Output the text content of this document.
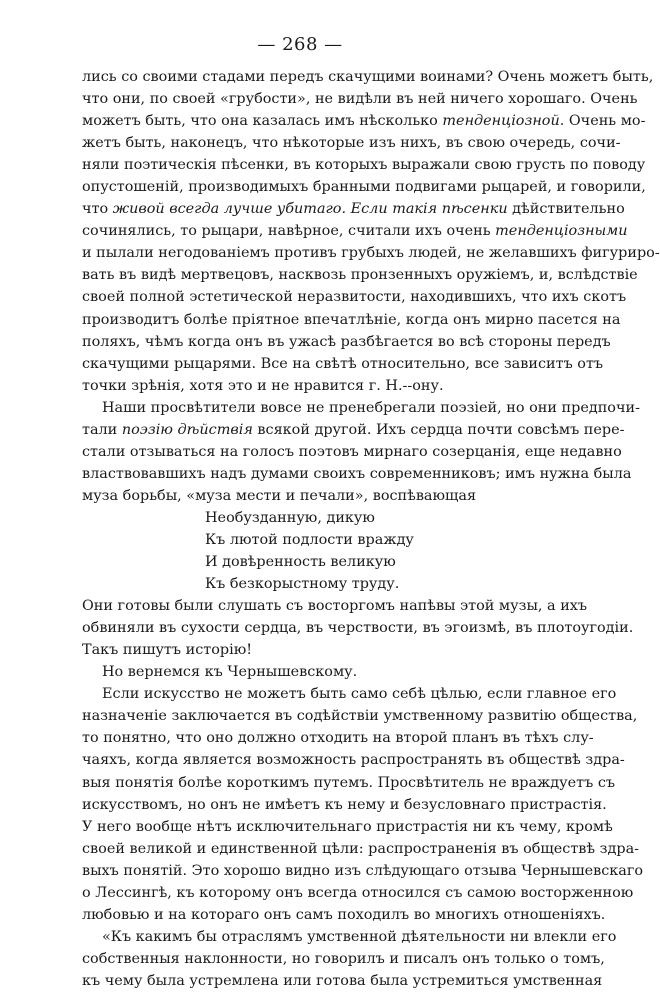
— 268 —
лись со своими стадами передъ скачущими воинами? Очень можетъ быть,
что они, по своей «грубости», не видѣли въ ней ничего хорошаго. Очень
можетъ быть, что она казалась имъ нѣсколько тенденціозной. Очень мо-
жетъ быть, наконецъ, что нѣкоторые изъ нихъ, въ свою очередь, сочи-
няли поэтическія пѣсенки, въ которыхъ выражали свою грусть по поводу
опустошеній, производимыхъ бранными подвигами рыцарей, и говорили,
что живой всегда лучше убитаго. Если такія пѣсенки дѣйствительно
сочинялись, то рыцари, навѣрное, считали ихъ очень тенденціозными
и пылали негодованіемъ противъ грубыхъ людей, не желавшихъ фигуриро-
вать въ видѣ мертвецовъ, насквозь пронзенныхъ оружіемъ, и, вслѣдствіе
своей полной эстетической неразвитости, находившихъ, что ихъ скотъ
производитъ болѣе пріятное впечатлѣніе, когда онъ мирно пасется на
поляхъ, чѣмъ когда онъ въ ужасѣ разбѣгается во всѣ стороны передъ
скачущими рыцарями. Все на свѣтѣ относительно, все зависитъ отъ
точки зрѣнія, хотя это и не нравится г. Н.--ону.
Наши просвѣтители вовсе не пренебрегали поэзіей, но они предпочи-
тали поэзію дѣйствія всякой другой. Ихъ сердца почти совсѣмъ пере-
стали отзываться на голосъ поэтовъ мирнаго созерцанія, еще недавно
властвовавшихъ надъ думами своихъ современниковъ; имъ нужна была
муза борьбы, «муза мести и печали», воспѣвающая
Необузданную, дикую
Къ лютой подлости вражду
И довѣренность великую
Къ безкорыстному труду.
Они готовы были слушать съ восторгомъ напѣвы этой музы, а ихъ
обвиняли въ сухости сердца, въ черствости, въ эгоизмѣ, въ плотоугодіи.
Такъ пишутъ исторію!
Но вернемся къ Чернышевскому.
Если искусство не можетъ быть само себѣ цѣлью, если главное его
назначеніе заключается въ содѣйствіи умственному развитію общества,
то понятно, что оно должно отходить на второй планъ въ тѣхъ слу-
чаяхъ, когда является возможность распространять въ обществѣ здра-
выя понятія болѣе короткимъ путемъ. Просвѣтитель не враждуетъ съ
искусствомъ, но онъ не имѣетъ къ нему и безусловнаго пристрастія.
У него вообще нѣтъ исключительнаго пристрастія ни къ чему, кромѣ
своей великой и единственной цѣли: распространенія въ обществѣ здра-
выхъ понятій. Это хорошо видно изъ слѣдующаго отзыва Чернышевскаго
о Лессингѣ, къ которому онъ всегда относился съ самою восторженною
любовью и на котораго онъ самъ походилъ во многихъ отношеніяхъ.
«Къ какимъ бы отраслямъ умственной дѣятельности ни влекли его
собственныя наклонности, но говорилъ и писалъ онъ только о томъ,
къ чему была устремлена или готова была устремиться умственная
